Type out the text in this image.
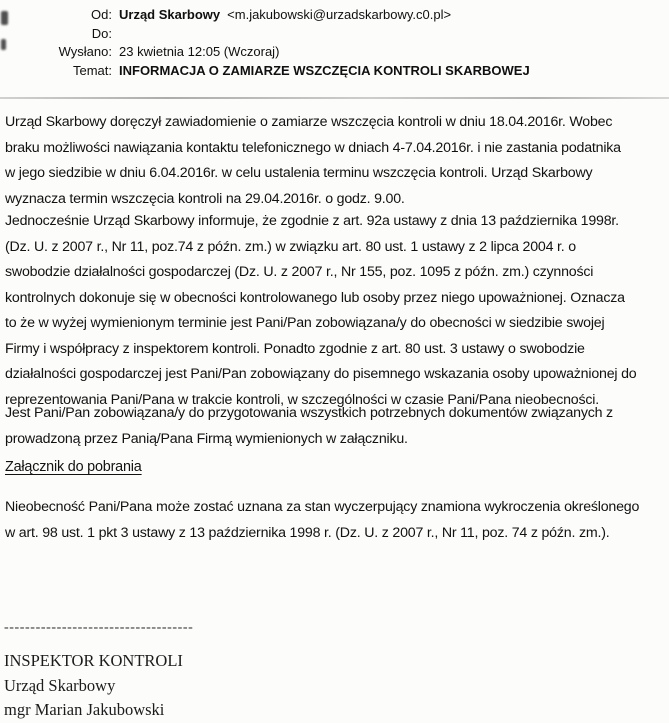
Od: Urząd Skarbowy <m.jakubowski@urzadskarbowy.c0.pl>
Do:
Wysłano: 23 kwietnia 12:05 (Wczoraj)
Temat: INFORMACJA O ZAMIARZE WSZCZĘCIA KONTROLI SKARBOWEJ
Urząd Skarbowy doręczył zawiadomienie o zamiarze wszczęcia kontroli w dniu 18.04.2016r. Wobec
braku możliwości nawiązania kontaktu telefonicznego w dniach 4-7.04.2016r. i nie zastania podatnika
w jego siedzibie w dniu 6.04.2016r. w celu ustalenia terminu wszczęcia kontroli. Urząd Skarbowy
wyznacza termin wszczęcia kontroli na 29.04.2016r. o godz. 9.00.
Jednocześnie Urząd Skarbowy informuje, że zgodnie z art. 92a ustawy z dnia 13 października 1998r.
(Dz. U. z 2007 r., Nr 11, poz.74 z późn. zm.) w związku art. 80 ust. 1 ustawy z 2 lipca 2004 r. o
swobodzie działalności gospodarczej (Dz. U. z 2007 r., Nr 155, poz. 1095 z późn. zm.) czynności
kontrolnych dokonuje się w obecności kontrolowanego lub osoby przez niego upoważnionej. Oznacza
to że w wyżej wymienionym terminie jest Pani/Pan zobowiązana/y do obecności w siedzibie swojej
Firmy i współpracy z inspektorem kontroli. Ponadto zgodnie z art. 80 ust. 3 ustawy o swobodzie
działalności gospodarczej jest Pani/Pan zobowiązany do pisemnego wskazania osoby upoważnionej do
reprezentowania Pani/Pana w trakcie kontroli, w szczególności w czasie Pani/Pana nieobecności.
Jest Pani/Pan zobowiązana/y do przygotowania wszystkich potrzebnych dokumentów związanych z
prowadzoną przez Panią/Pana Firmą wymienionych w załączniku.
Załącznik do pobrania
Nieobecność Pani/Pana może zostać uznana za stan wyczerpujący znamiona wykroczenia określonego
w art. 98 ust. 1 pkt 3 ustawy z 13 października 1998 r. (Dz. U. z 2007 r., Nr 11, poz. 74 z późn. zm.).
------------------------------------
INSPEKTOR KONTROLI
Urząd Skarbowy
mgr Marian Jakubowski
